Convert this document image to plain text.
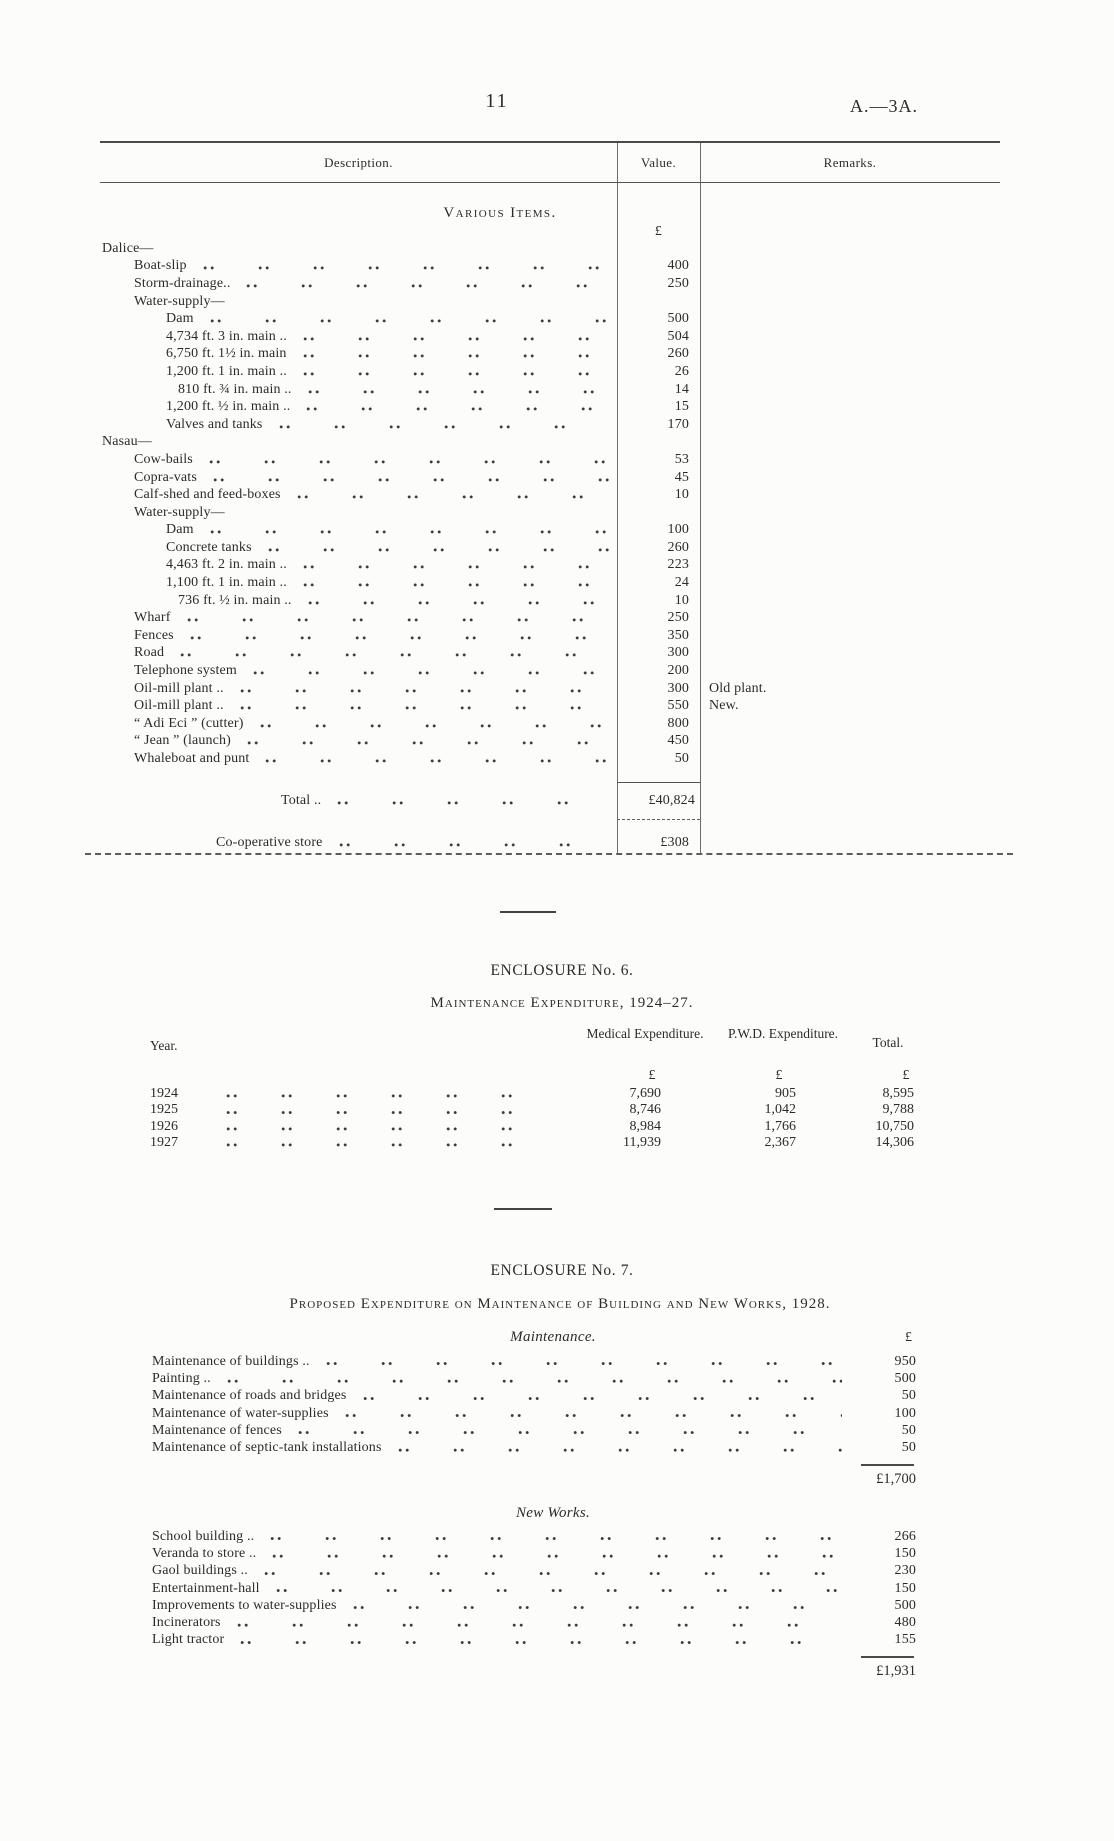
11	A.—3A.
Description.	Value.	Remarks.
Various Items.
£
Dalice—
Boat-slip	400
Storm-drainage..	250
Water-supply—
Dam	500
4,734 ft. 3 in. main ..	504
6,750 ft. 1½ in. main	260
1,200 ft. 1 in. main ..	26
810 ft. ¾ in. main ..	14
1,200 ft. ½ in. main ..	15
Valves and tanks	170
Nasau—
Cow-bails	53
Copra-vats	45
Calf-shed and feed-boxes	10
Water-supply—
Dam	100
Concrete tanks	260
4,463 ft. 2 in. main ..	223
1,100 ft. 1 in. main ..	24
736 ft. ½ in. main ..	10
Wharf	250
Fences	350
Road	300
Telephone system	200
Oil-mill plant ..	300	Old plant.
Oil-mill plant ..	550	New.
“ Adi Eci ” (cutter)	800
“ Jean ” (launch)	450
Whaleboat and punt	50
Total ..	£40,824
Co-operative store	£308
ENCLOSURE No. 6.
Maintenance Expenditure, 1924–27.
Year.
Medical Expenditure.	P.W.D. Expenditure.
Total.
£	£	£
1924	7,690	905	8,595
1925	8,746	1,042	9,788
1926	8,984	1,766	10,750
1927	11,939	2,367	14,306
ENCLOSURE No. 7.
Proposed Expenditure on Maintenance of Building and New Works, 1928.
Maintenance.	£
Maintenance of buildings ..	950
Painting ..	500
Maintenance of roads and bridges	50
Maintenance of water-supplies	100
Maintenance of fences	50
Maintenance of septic-tank installations	50
£1,700
New Works.
School building ..	266
Veranda to store ..	150
Gaol buildings ..	230
Entertainment-hall	150
Improvements to water-supplies	500
Incinerators	480
Light tractor	155
£1,931
